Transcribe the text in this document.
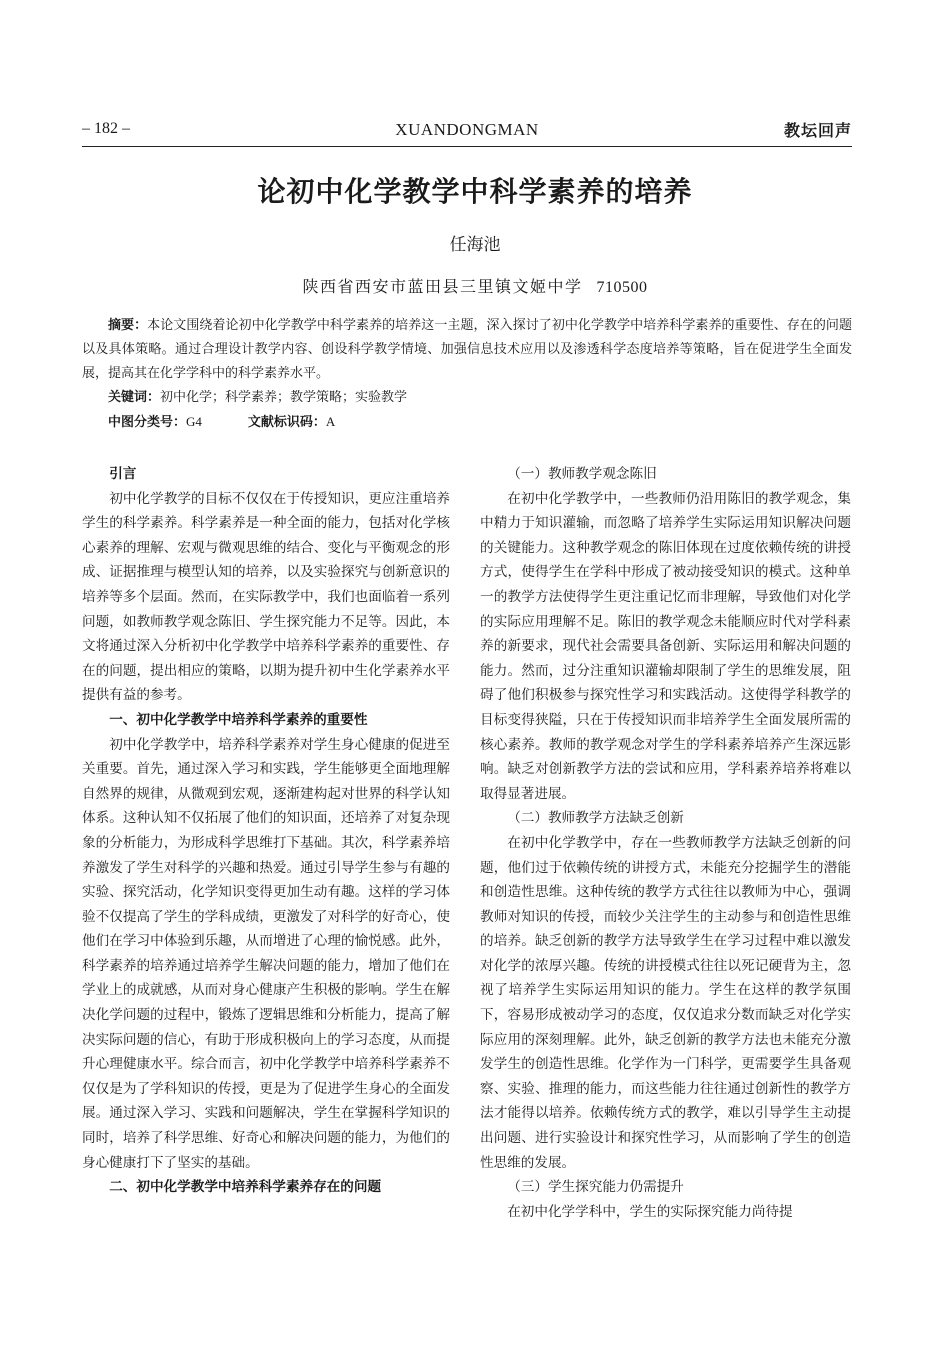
– 182 –	XUANDONGMAN	教坛回声
论初中化学教学中科学素养的培养
任海池
陕西省西安市蓝田县三里镇文姬中学 710500

摘要：本论文围绕着论初中化学教学中科学素养的培养这一主题，深入探讨了初中化学教学中培养科学素养的重要性、存在的问题以及具体策略。通过合理设计教学内容、创设科学教学情境、加强信息技术应用以及渗透科学态度培养等策略，旨在促进学生全面发展，提高其在化学学科中的科学素养水平。

关键词：初中化学；科学素养；教学策略；实验教学

中图分类号：G4	文献标识码：A

引言

初中化学教学的目标不仅仅在于传授知识，更应注重培养学生的科学素养。科学素养是一种全面的能力，包括对化学核心素养的理解、宏观与微观思维的结合、变化与平衡观念的形成、证据推理与模型认知的培养，以及实验探究与创新意识的培养等多个层面。然而，在实际教学中，我们也面临着一系列问题，如教师教学观念陈旧、学生探究能力不足等。因此，本文将通过深入分析初中化学教学中培养科学素养的重要性、存在的问题，提出相应的策略，以期为提升初中生化学素养水平提供有益的参考。

一、初中化学教学中培养科学素养的重要性

初中化学教学中，培养科学素养对学生身心健康的促进至关重要。首先，通过深入学习和实践，学生能够更全面地理解自然界的规律，从微观到宏观，逐渐建构起对世界的科学认知体系。这种认知不仅拓展了他们的知识面，还培养了对复杂现象的分析能力，为形成科学思维打下基础。其次，科学素养培养激发了学生对科学的兴趣和热爱。通过引导学生参与有趣的实验、探究活动，化学知识变得更加生动有趣。这样的学习体验不仅提高了学生的学科成绩，更激发了对科学的好奇心，使他们在学习中体验到乐趣，从而增进了心理的愉悦感。此外，科学素养的培养通过培养学生解决问题的能力，增加了他们在学业上的成就感，从而对身心健康产生积极的影响。学生在解决化学问题的过程中，锻炼了逻辑思维和分析能力，提高了解决实际问题的信心，有助于形成积极向上的学习态度，从而提升心理健康水平。综合而言，初中化学教学中培养科学素养不仅仅是为了学科知识的传授，更是为了促进学生身心的全面发展。通过深入学习、实践和问题解决，学生在掌握科学知识的同时，培养了科学思维、好奇心和解决问题的能力，为他们的身心健康打下了坚实的基础。

二、初中化学教学中培养科学素养存在的问题
（一）教师教学观念陈旧

在初中化学教学中，一些教师仍沿用陈旧的教学观念，集中精力于知识灌输，而忽略了培养学生实际运用知识解决问题的关键能力。这种教学观念的陈旧体现在过度依赖传统的讲授方式，使得学生在学科中形成了被动接受知识的模式。这种单一的教学方法使得学生更注重记忆而非理解，导致他们对化学的实际应用理解不足。陈旧的教学观念未能顺应时代对学科素养的新要求，现代社会需要具备创新、实际运用和解决问题的能力。然而，过分注重知识灌输却限制了学生的思维发展，阻碍了他们积极参与探究性学习和实践活动。这使得学科教学的目标变得狭隘，只在于传授知识而非培养学生全面发展所需的核心素养。教师的教学观念对学生的学科素养培养产生深远影响。缺乏对创新教学方法的尝试和应用，学科素养培养将难以取得显著进展。

（二）教师教学方法缺乏创新

在初中化学教学中，存在一些教师教学方法缺乏创新的问题，他们过于依赖传统的讲授方式，未能充分挖掘学生的潜能和创造性思维。这种传统的教学方式往往以教师为中心，强调教师对知识的传授，而较少关注学生的主动参与和创造性思维的培养。缺乏创新的教学方法导致学生在学习过程中难以激发对化学的浓厚兴趣。传统的讲授模式往往以死记硬背为主，忽视了培养学生实际运用知识的能力。学生在这样的教学氛围下，容易形成被动学习的态度，仅仅追求分数而缺乏对化学实际应用的深刻理解。此外，缺乏创新的教学方法也未能充分激发学生的创造性思维。化学作为一门科学，更需要学生具备观察、实验、推理的能力，而这些能力往往通过创新性的教学方法才能得以培养。依赖传统方式的教学，难以引导学生主动提出问题、进行实验设计和探究性学习，从而影响了学生的创造性思维的发展。

（三）学生探究能力仍需提升

在初中化学学科中，学生的实际探究能力尚待提
